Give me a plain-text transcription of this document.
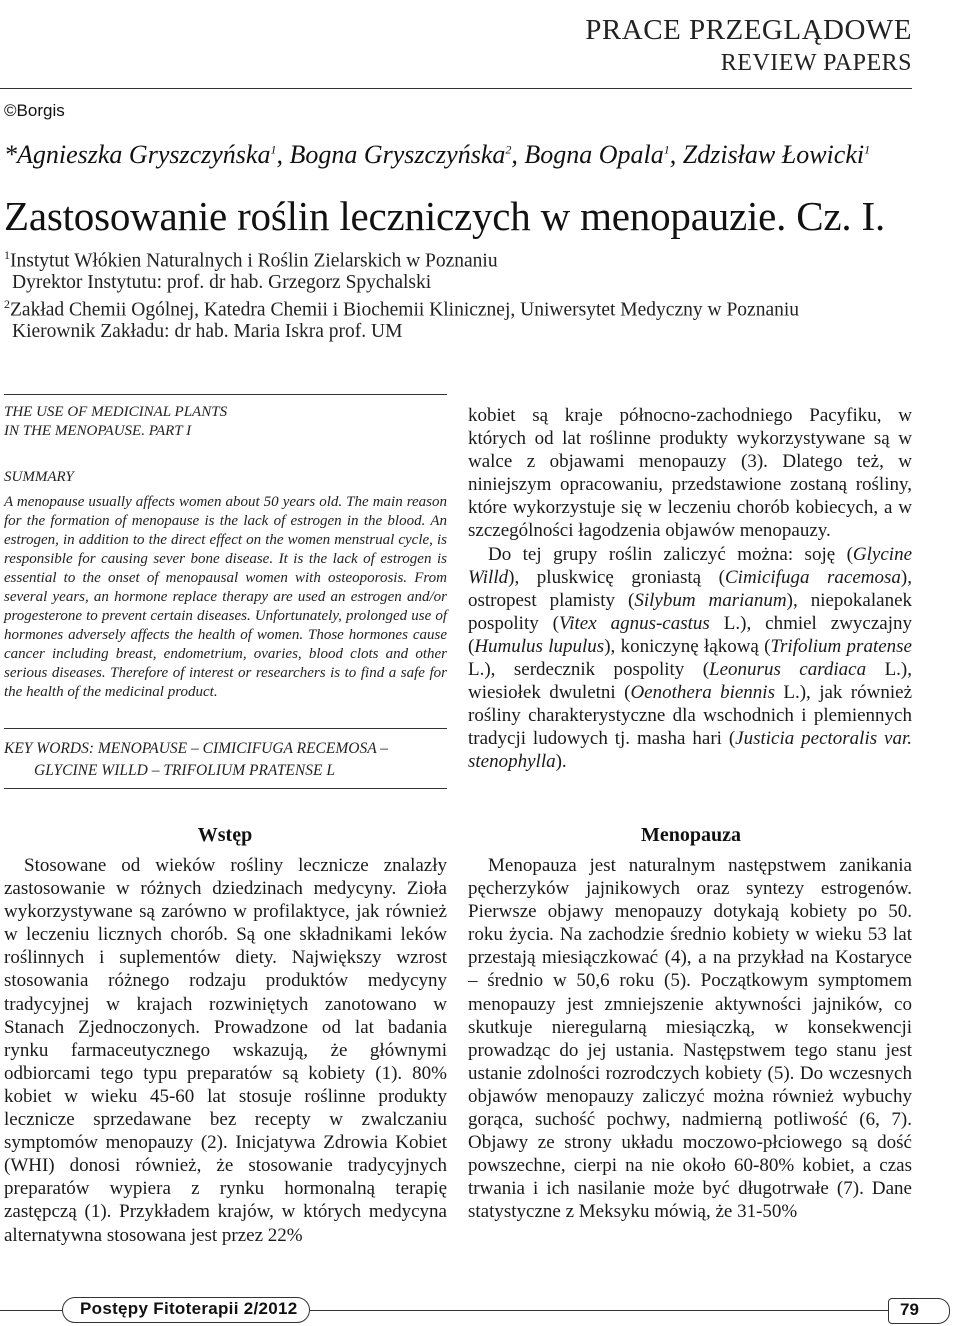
PRACE PRZEGLĄDOWE
REVIEW PAPERS
©Borgis
*Agnieszka Gryszczyńska$^1$, Bogna Gryszczyńska$^2$, Bogna Opala$^1$, Zdzisław Łowicki$^1$
Zastosowanie roślin leczniczych w menopauzie. Cz. I.
$^1$Instytut Włókien Naturalnych i Roślin Zielarskich w Poznaniu
Dyrektor Instytutu: prof. dr hab. Grzegorz Spychalski
$^2$Zakład Chemii Ogólnej, Katedra Chemii i Biochemii Klinicznej, Uniwersytet Medyczny w Poznaniu
Kierownik Zakładu: dr hab. Maria Iskra prof. UM
THE USE OF MEDICINAL PLANTS
IN THE MENOPAUSE. PART I
SUMMARY
A menopause usually affects women about 50 years old. The main reason for the formation of menopause is the lack of estrogen in the blood. An estrogen, in addition to the direct effect on the women menstrual cycle, is responsible for causing sever bone disease. It is the lack of estrogen is essential to the onset of menopausal women with osteoporosis. From several years, an hormone replace therapy are used an estrogen and/or progesterone to prevent certain diseases. Unfortunately, prolonged use of hormones adversely affects the health of women. Those hormones cause cancer including breast, endometrium, ovaries, blood clots and other serious diseases. Therefore of interest or researchers is to find a safe for the health of the medicinal product.
KEY WORDS: MENOPAUSE – CIMICIFUGA RECEMOSA –
GLYCINE WILLD – TRIFOLIUM PRATENSE L
Wstęp

Stosowane od wieków rośliny lecznicze znalazły zastosowanie w różnych dziedzinach medycyny. Zioła wykorzystywane są zarówno w profilaktyce, jak również w leczeniu licznych chorób. Są one składnikami leków roślinnych i suplementów diety. Największy wzrost stosowania różnego rodzaju produktów medycyny tradycyjnej w krajach rozwiniętych zanotowano w Stanach Zjednoczonych. Prowadzone od lat badania rynku farmaceutycznego wskazują, że głównymi odbiorcami tego typu preparatów są kobiety (1). 80% kobiet w wieku 45-60 lat stosuje roślinne produkty lecznicze sprzedawane bez recepty w zwalczaniu symptomów menopauzy (2). Inicjatywa Zdrowia Kobiet (WHI) donosi również, że stosowanie tradycyjnych preparatów wypiera z rynku hormonalną terapię zastępczą (1). Przykładem krajów, w których medycyna alternatywna stosowana jest przez 22%

kobiet są kraje północno-zachodniego Pacyfiku, w których od lat roślinne produkty wykorzystywane są w walce z objawami menopauzy (3). Dlatego też, w niniejszym opracowaniu, przedstawione zostaną rośliny, które wykorzystuje się w leczeniu chorób kobiecych, a w szczególności łagodzenia objawów menopauzy.

Do tej grupy roślin zaliczyć można: soję (Glycine Willd), pluskwicę groniastą (Cimicifuga racemosa), ostropest plamisty (Silybum marianum), niepokalanek pospolity (Vitex agnus-castus L.), chmiel zwyczajny (Humulus lupulus), koniczynę łąkową (Trifolium pratense L.), serdecznik pospolity (Leonurus cardiaca L.), wiesiołek dwuletni (Oenothera biennis L.), jak również rośliny charakterystyczne dla wschodnich i plemiennych tradycji ludowych tj. masha hari (Justicia pectoralis var. stenophylla).

Menopauza

Menopauza jest naturalnym następstwem zanikania pęcherzyków jajnikowych oraz syntezy estrogenów. Pierwsze objawy menopauzy dotykają kobiety po 50. roku życia. Na zachodzie średnio kobiety w wieku 53 lat przestają miesiączkować (4), a na przykład na Kostaryce – średnio w 50,6 roku (5). Początkowym symptomem menopauzy jest zmniejszenie aktywności jajników, co skutkuje nieregularną miesiączką, w konsekwencji prowadząc do jej ustania. Następstwem tego stanu jest ustanie zdolności rozrodczych kobiety (5). Do wczesnych objawów menopauzy zaliczyć można również wybuchy gorąca, suchość pochwy, nadmierną potliwość (6, 7). Objawy ze strony układu moczowo-płciowego są dość powszechne, cierpi na nie około 60-80% kobiet, a czas trwania i ich nasilanie może być długotrwałe (7). Dane statystyczne z Meksyku mówią, że 31-50%

Postępy Fitoterapii 2/2012	79
